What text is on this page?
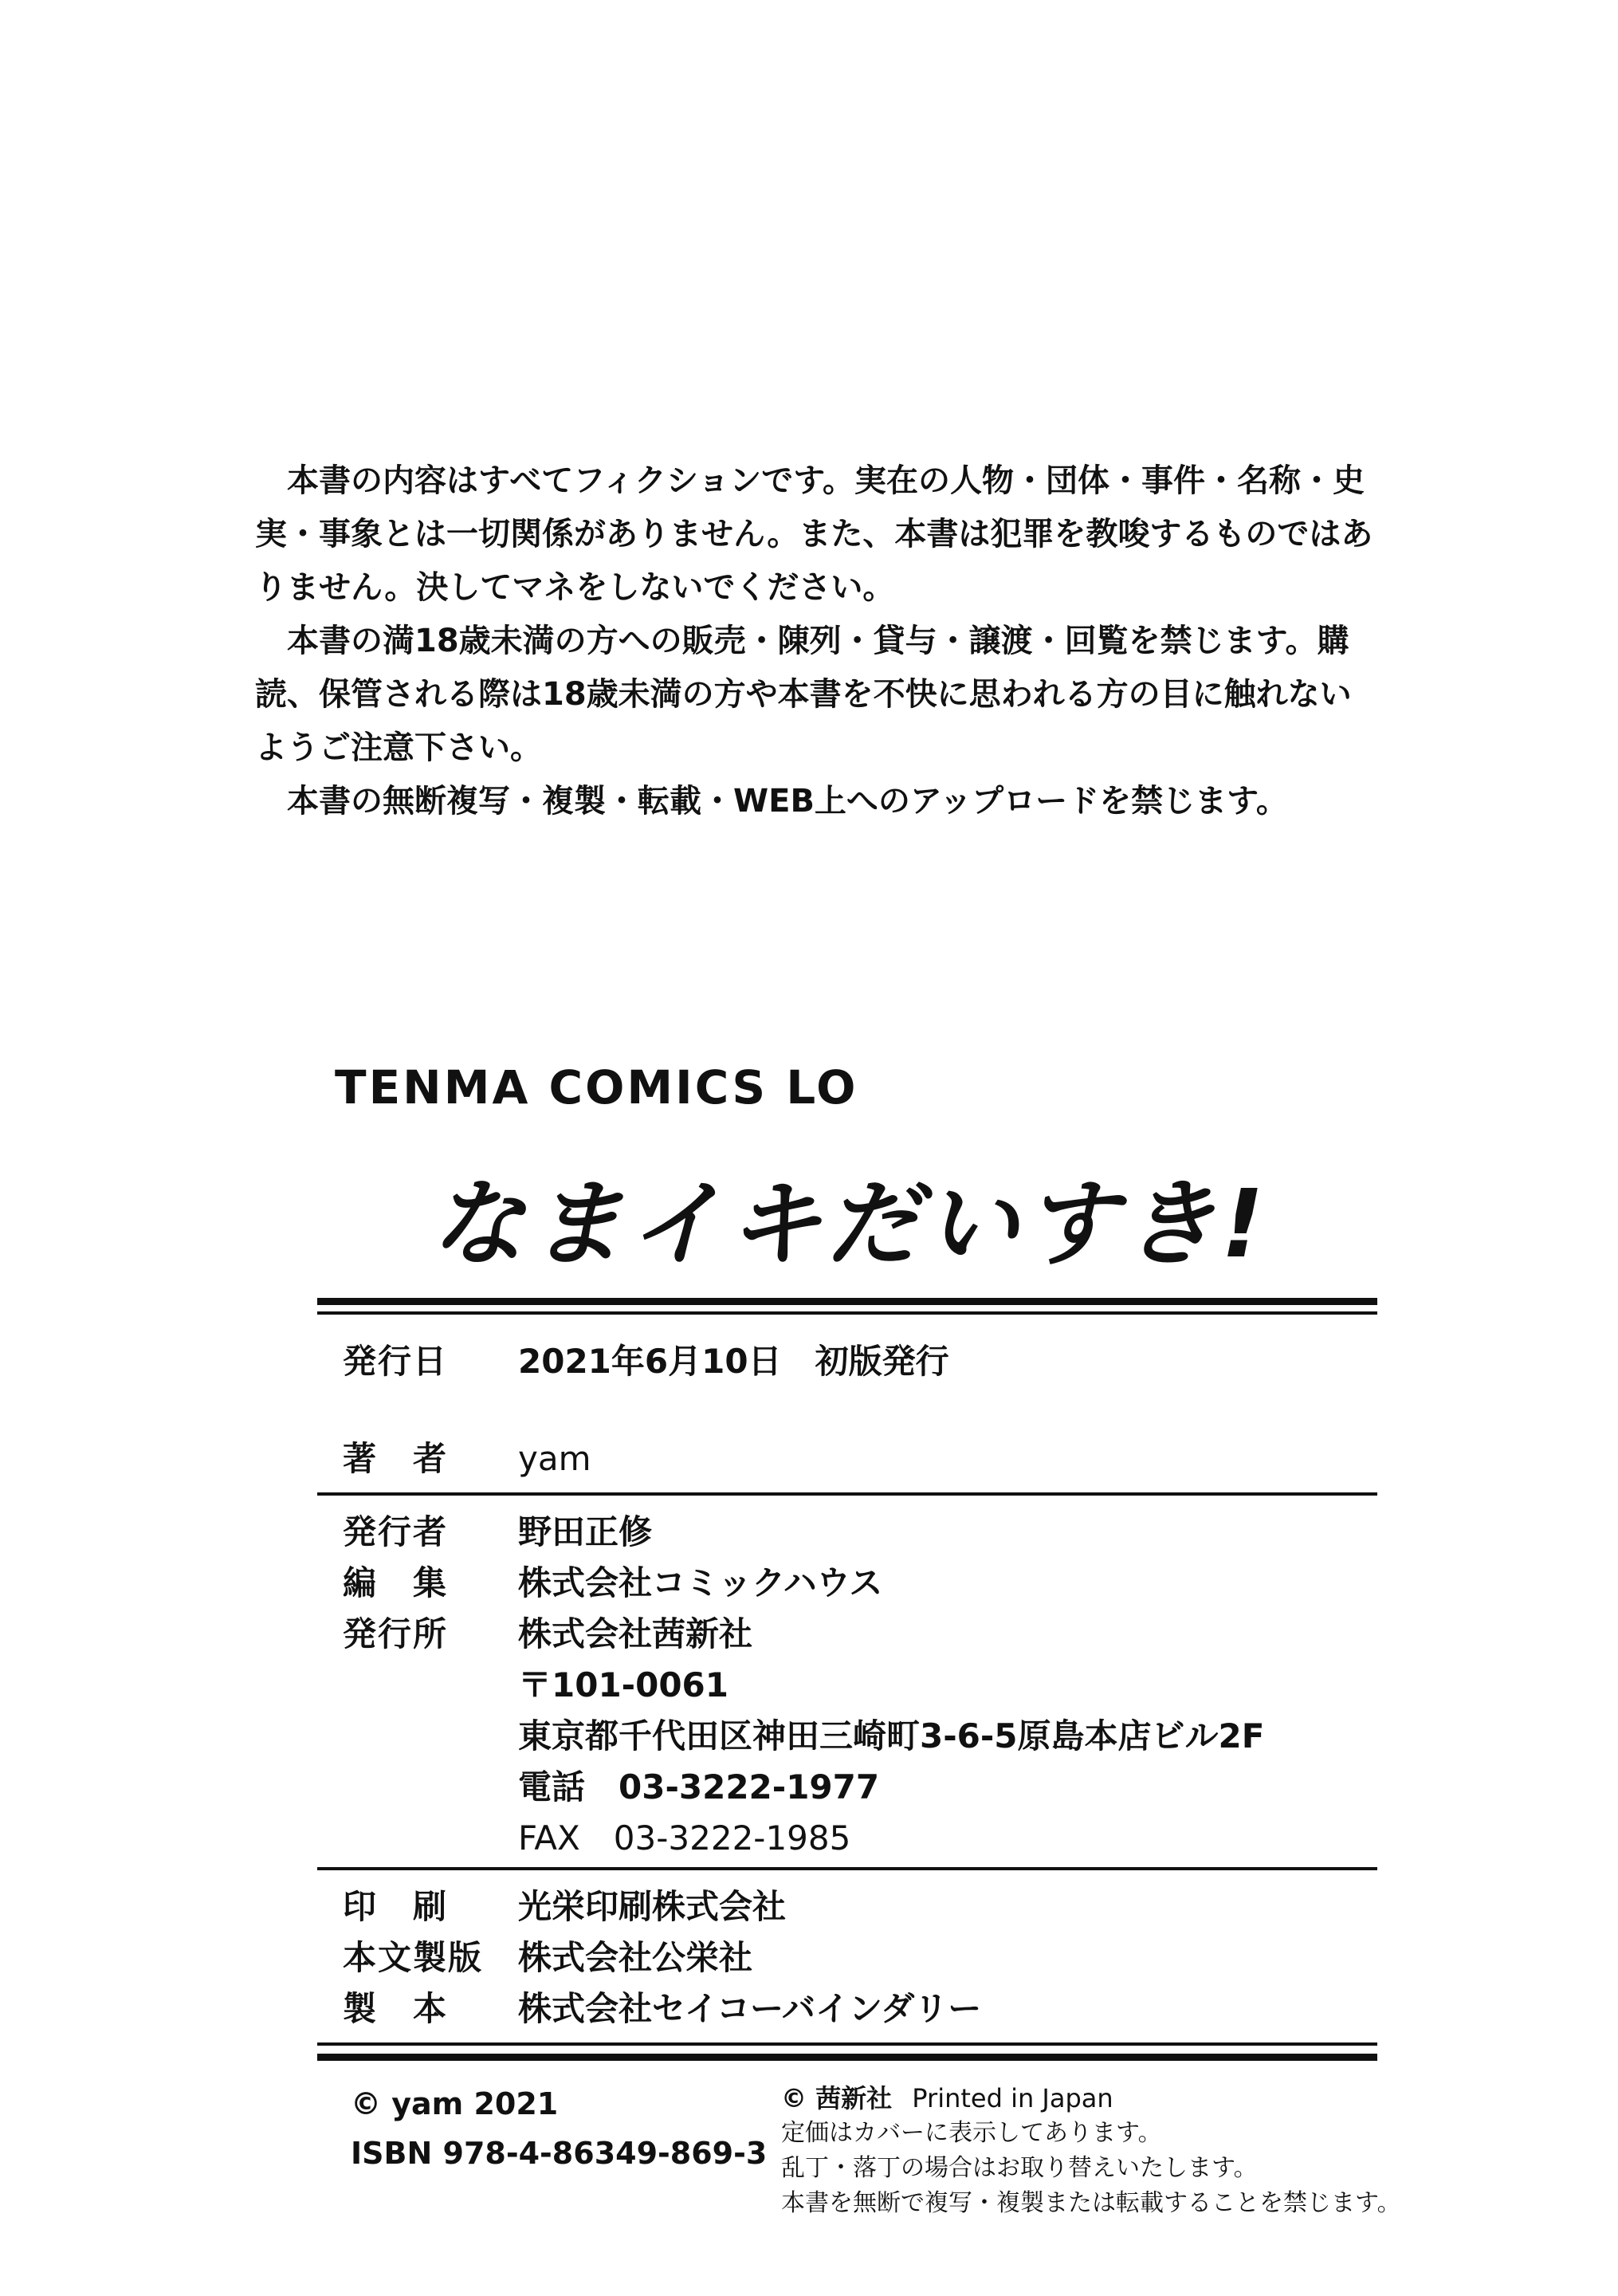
本書の内容はすべてフィクションです。実在の人物・団体・事件・名称・史実・事象とは一切関係がありません。また、本書は犯罪を教唆するものではありません。決してマネをしないでください。

本書の満18歳未満の方への販売・陳列・貸与・譲渡・回覧を禁じます。購読、保管される際は18歳未満の方や本書を不快に思われる方の目に触れないようご注意下さい。

本書の無断複写・複製・転載・WEB上へのアップロードを禁じます。

TENMA COMICS LO
なまイキだいすき!
発行日	2021年6月10日　初版発行
著　者	yam
発行者	野田正修
編　集	株式会社コミックハウス
発行所	株式会社茜新社
〒101-0061
東京都千代田区神田三崎町3-6-5原島本店ビル2F
電話　03-3222-1977
FAX　03-3222-1985
印　刷	光栄印刷株式会社
本文製版	株式会社公栄社
製　本	株式会社セイコーバインダリー
© yam 2021
ISBN 978-4-86349-869-3
© 茜新社 Printed in Japan
定価はカバーに表示してあります。
乱丁・落丁の場合はお取り替えいたします。
本書を無断で複写・複製または転載することを禁じます。
